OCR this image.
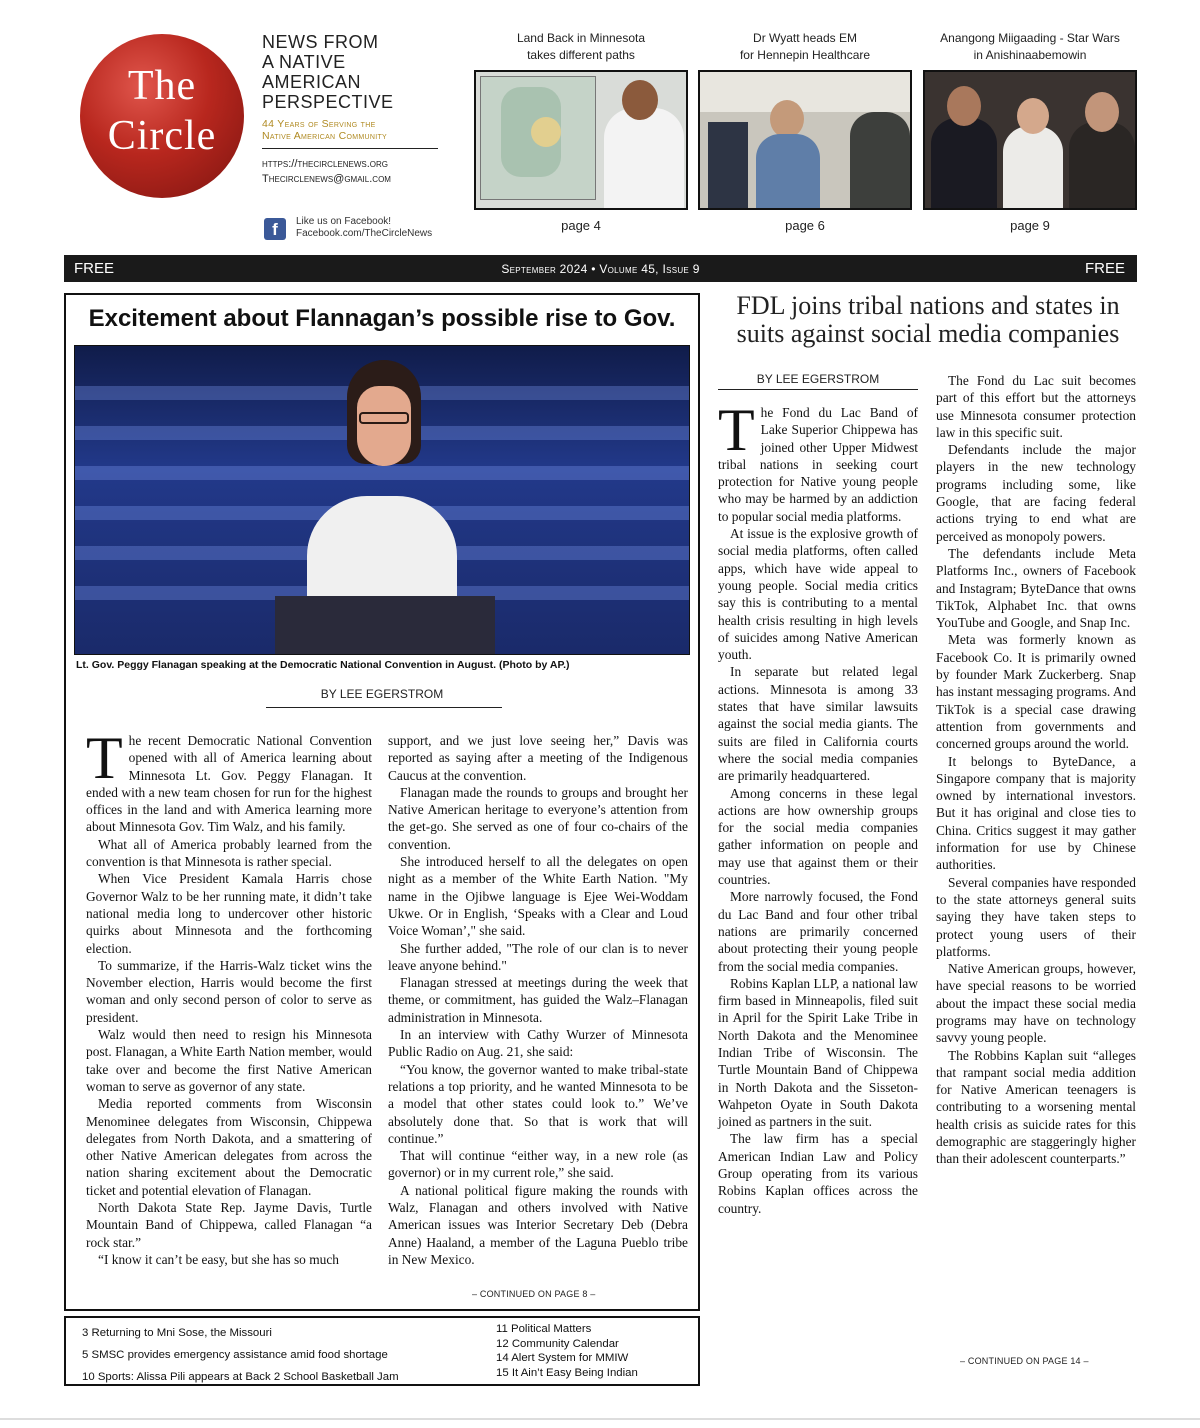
The
Circle
NEWS FROM
A NATIVE
AMERICAN
PERSPECTIVE
44 Years of Serving the
Native American Community
https://thecirclenews.org
Thecirclenews@gmail.com
f	Like us on Facebook!
Facebook.com/TheCircleNews
Land Back in Minnesota
takes different paths
page 4
Dr Wyatt heads EM
for Hennepin Healthcare
page 6
Anangong Miigaading - Star Wars
in Anishinaabemowin
page 9
FREE	September 2024 • Volume 45, Issue 9	FREE
Excitement about Flannagan’s possible rise to Gov.
Lt. Gov. Peggy Flanagan speaking at the Democratic National Convention in August. (Photo by AP.)
BY LEE EGERSTROM
– CONTINUED ON PAGE 8 –

The recent Democratic National Convention opened with all of America learning about Minnesota Lt. Gov. Peggy Flanagan. It ended with a new team chosen for run for the highest offices in the land and with America learning more about Minnesota Gov. Tim Walz, and his family.

What all of America probably learned from the convention is that Minnesota is rather special.

When Vice President Kamala Harris chose Governor Walz to be her running mate, it didn’t take national media long to undercover other historic quirks about Minnesota and the forthcoming election.

To summarize, if the Harris-Walz ticket wins the November election, Harris would become the first woman and only second person of color to serve as president.

Walz would then need to resign his Minnesota post. Flanagan, a White Earth Nation member, would take over and become the first Native American woman to serve as governor of any state.

Media reported comments from Wisconsin Menominee delegates from Wisconsin, Chippewa delegates from North Dakota, and a smattering of other Native American delegates from across the nation sharing excitement about the Democratic ticket and potential elevation of Flanagan.

North Dakota State Rep. Jayme Davis, Turtle Mountain Band of Chippewa, called Flanagan “a rock star.”

“I know it can’t be easy, but she has so much

support, and we just love seeing her,” Davis was reported as saying after a meeting of the Indigenous Caucus at the convention.

Flanagan made the rounds to groups and brought her Native American heritage to everyone’s attention from the get-go. She served as one of four co-chairs of the convention.

She introduced herself to all the delegates on open night as a member of the White Earth Nation. "My name in the Ojibwe language is Ejee Wei-Woddam Ukwe. Or in English, ‘Speaks with a Clear and Loud Voice Woman’," she said.

She further added, "The role of our clan is to never leave anyone behind."

Flanagan stressed at meetings during the week that theme, or commitment, has guided the Walz–Flanagan administration in Minnesota.

In an interview with Cathy Wurzer of Minnesota Public Radio on Aug. 21, she said:

“You know, the governor wanted to make tribal-state relations a top priority, and he wanted Minnesota to be a model that other states could look to.” We’ve absolutely done that. So that is work that will continue.”

That will continue “either way, in a new role (as governor) or in my current role,” she said.

A national political figure making the rounds with Walz, Flanagan and others involved with Native American issues was Interior Secretary Deb (Debra Anne) Haaland, a member of the Laguna Pueblo tribe in New Mexico.

3 Returning to Mni Sose, the Missouri
5 SMSC provides emergency assistance amid food shortage
10 Sports: Alissa Pili appears at Back 2 School Basketball Jam
11 Political Matters
12 Community Calendar
14 Alert System for MMIW
15 It Ain’t Easy Being Indian
FDL joins tribal nations and states in suits against social media companies
BY LEE EGERSTROM

The Fond du Lac Band of Lake Superior Chippewa has joined other Upper Midwest tribal nations in seeking court protection for Native young people who may be harmed by an addiction to popular social media platforms.

At issue is the explosive growth of social media platforms, often called apps, which have wide appeal to young people. Social media critics say this is contributing to a mental health crisis resulting in high levels of suicides among Native American youth.

In separate but related legal actions. Minnesota is among 33 states that have similar lawsuits against the social media giants. The suits are filed in California courts where the social media companies are primarily headquartered.

Among concerns in these legal actions are how ownership groups for the social media companies gather information on people and may use that against them or their countries.

More narrowly focused, the Fond du Lac Band and four other tribal nations are primarily concerned about protecting their young people from the social media companies.

Robins Kaplan LLP, a national law firm based in Minneapolis, filed suit in April for the Spirit Lake Tribe in North Dakota and the Menominee Indian Tribe of Wisconsin. The Turtle Mountain Band of Chippewa in North Dakota and the Sisseton-Wahpeton Oyate in South Dakota joined as partners in the suit.

The law firm has a special American Indian Law and Policy Group operating from its various Robins Kaplan offices across the country.

The Fond du Lac suit becomes part of this effort but the attorneys use Minnesota consumer protection law in this specific suit.

Defendants include the major players in the new technology programs including some, like Google, that are facing federal actions trying to end what are perceived as monopoly powers.

The defendants include Meta Platforms Inc., owners of Facebook and Instagram; ByteDance that owns TikTok, Alphabet Inc. that owns YouTube and Google, and Snap Inc.

Meta was formerly known as Facebook Co. It is primarily owned by founder Mark Zuckerberg. Snap has instant messaging programs. And TikTok is a special case drawing attention from governments and concerned groups around the world.

It belongs to ByteDance, a Singapore company that is majority owned by international investors. But it has original and close ties to China. Critics suggest it may gather information for use by Chinese authorities.

Several companies have responded to the state attorneys general suits saying they have taken steps to protect young users of their platforms.

Native American groups, however, have special reasons to be worried about the impact these social media programs may have on technology savvy young people.

The Robbins Kaplan suit “alleges that rampant social media addition for Native American teenagers is contributing to a worsening mental health crisis as suicide rates for this demographic are staggeringly higher than their adolescent counterparts.”

– CONTINUED ON PAGE 14 –
